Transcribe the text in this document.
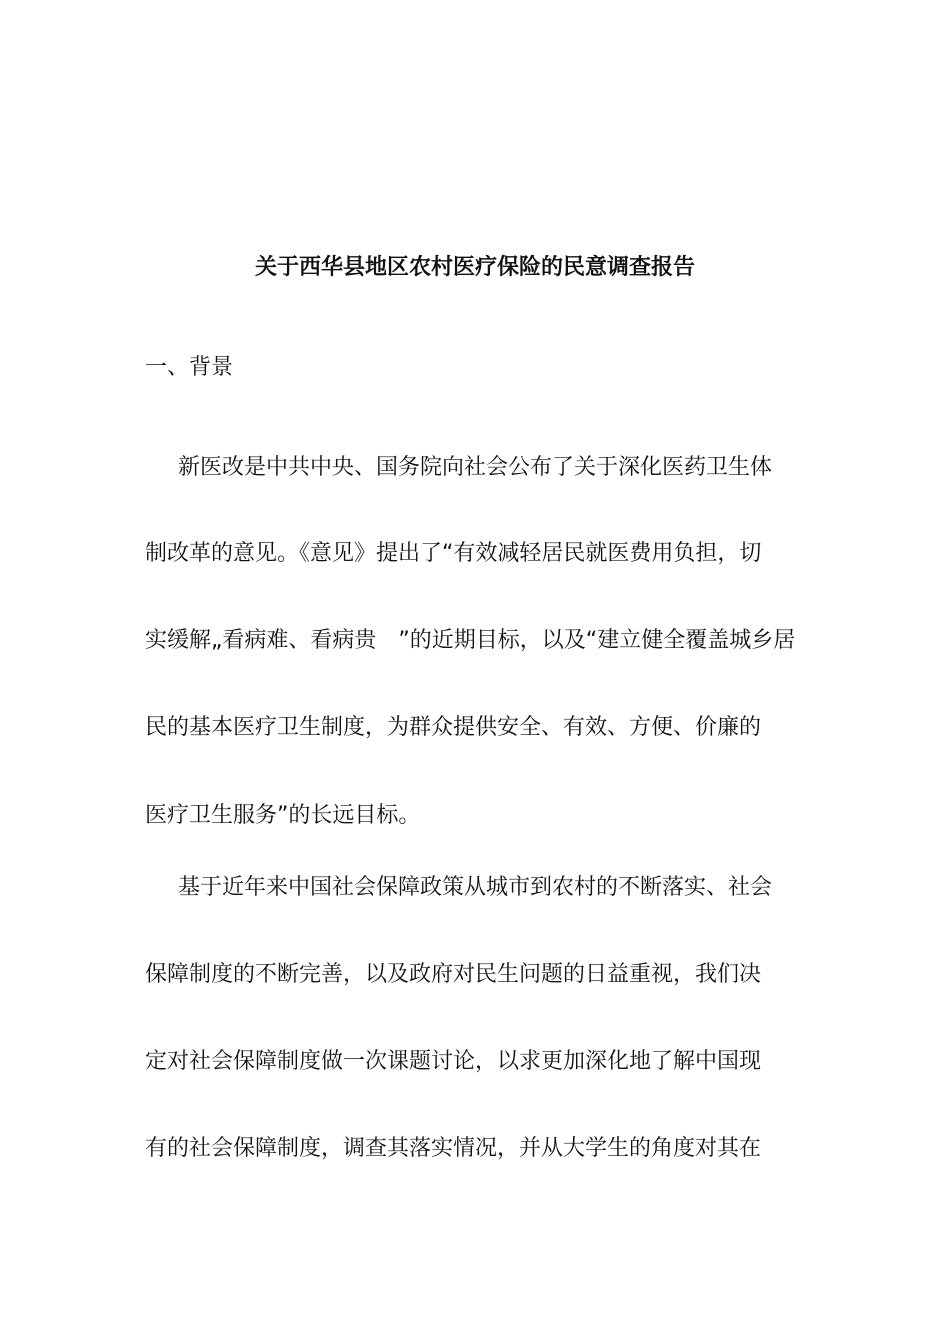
关于西华县地区农村医疗保险的民意调查报告
一、背景
新医改是中共中央、国务院向社会公布了关于深化医药卫生体
制改革的意见。《意见》提出了“有效减轻居民就医费用负担，切
实缓解„看病难、看病贵　”的近期目标，以及“建立健全覆盖城乡居
民的基本医疗卫生制度，为群众提供安全、有效、方便、价廉的
医疗卫生服务”的长远目标。
基于近年来中国社会保障政策从城市到农村的不断落实、社会
保障制度的不断完善，以及政府对民生问题的日益重视，我们决
定对社会保障制度做一次课题讨论，以求更加深化地了解中国现
有的社会保障制度，调查其落实情况，并从大学生的角度对其在
